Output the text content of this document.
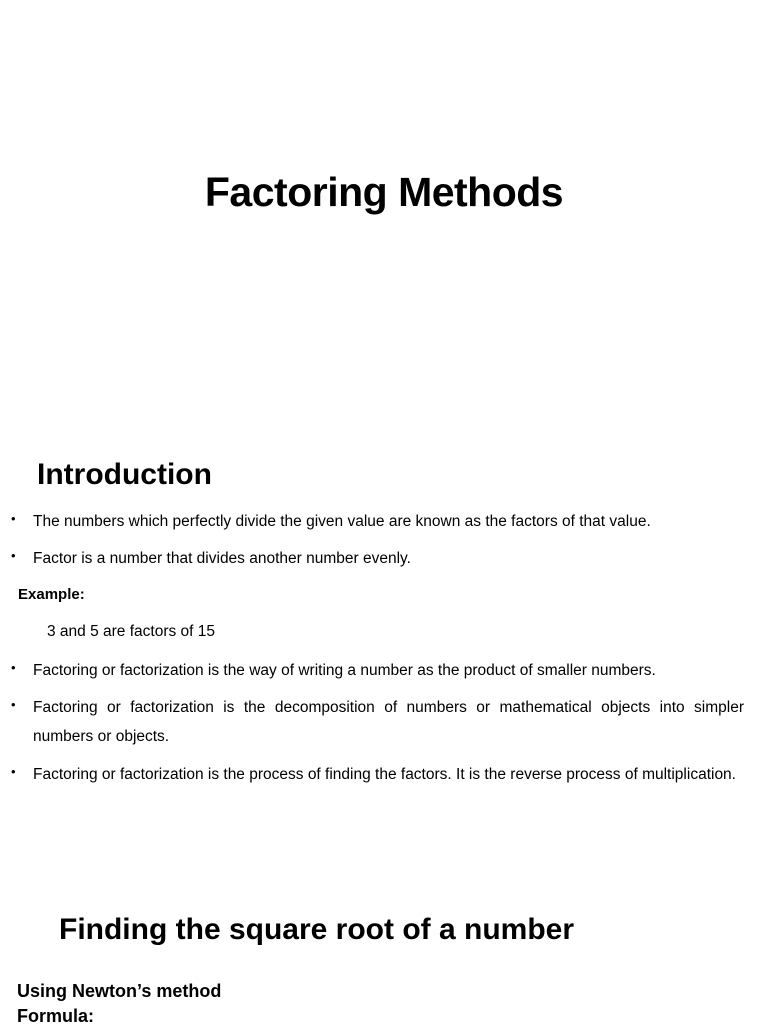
Factoring Methods
Introduction
• The numbers which perfectly divide the given value are known as the factors of that value.
• Factor is a number that divides another number evenly.
Example:
3 and 5 are factors of 15
• Factoring or factorization is the way of writing a number as the product of smaller numbers.
• Factoring or factorization is the decomposition of numbers or mathematical objects into simpler numbers or objects.
• Factoring or factorization is the process of finding the factors. It is the reverse process of multiplication.
Finding the square root of a number
Using Newton’s method
Formula:
